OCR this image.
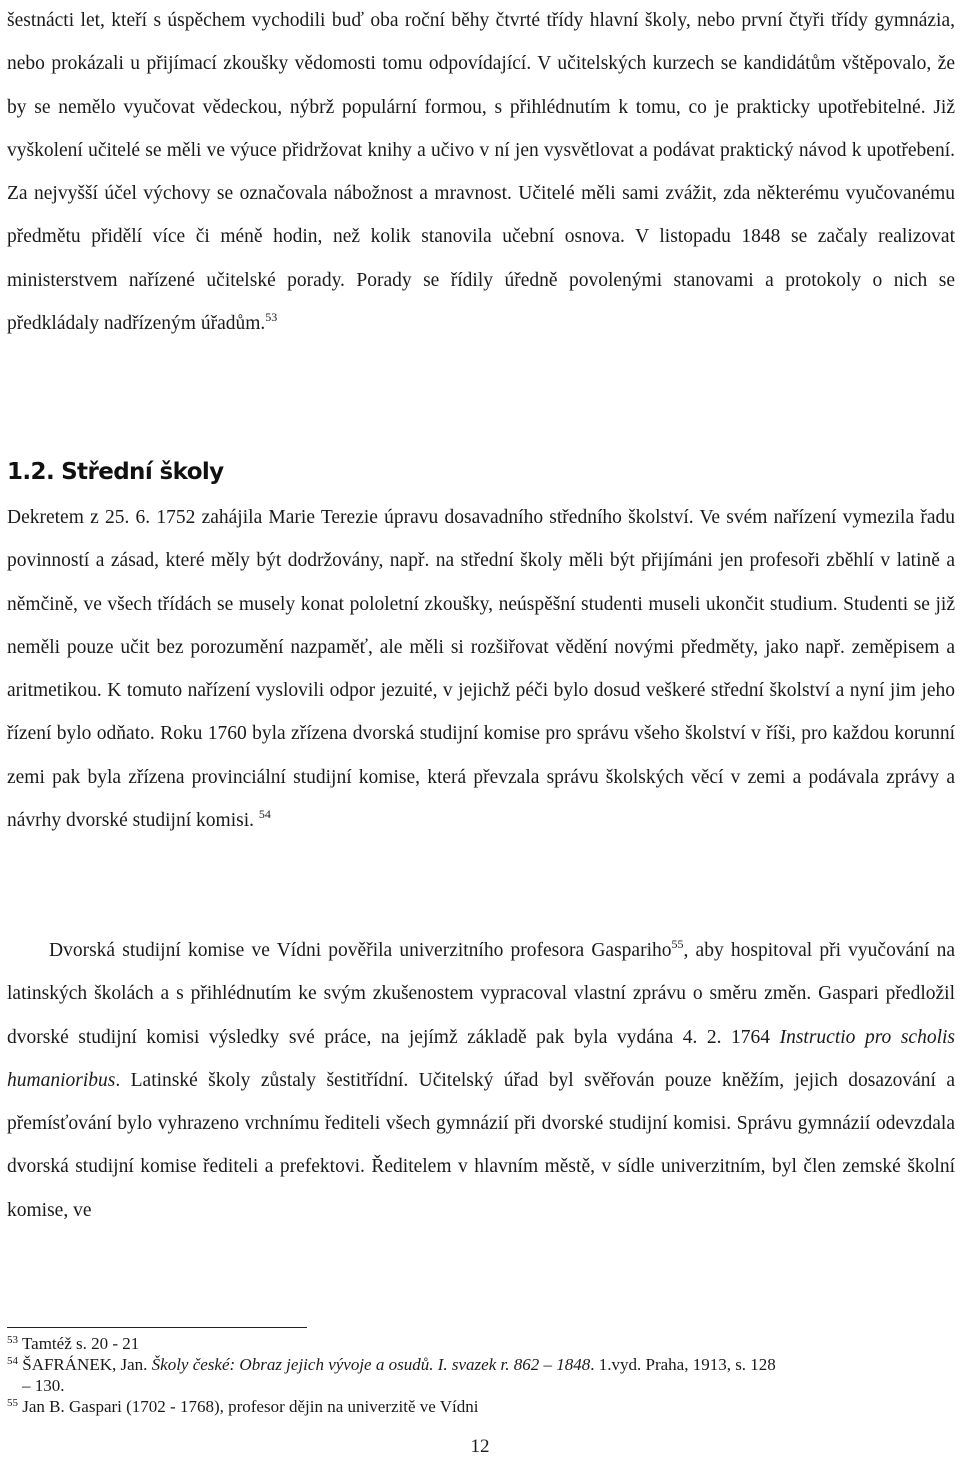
šestnácti let, kteří s úspěchem vychodili buď oba roční běhy čtvrté třídy hlavní školy, nebo první čtyři třídy gymnázia, nebo prokázali u přijímací zkoušky vědomosti tomu odpovídající. V učitelských kurzech se kandidátům vštěpovalo, že by se nemělo vyučovat vědeckou, nýbrž populární formou, s přihlédnutím k tomu, co je prakticky upotřebitelné. Již vyškolení učitelé se měli ve výuce přidržovat knihy a učivo v ní jen vysvětlovat a podávat praktický návod k upotřebení. Za nejvyšší účel výchovy se označovala nábožnost a mravnost. Učitelé měli sami zvážit, zda některému vyučovanému předmětu přidělí více či méně hodin, než kolik stanovila učební osnova. V listopadu 1848 se začaly realizovat ministerstvem nařízené učitelské porady. Porady se řídily úředně povolenými stanovami a protokoly o nich se předkládaly nadřízeným úřadům.$^{53}$

1.2. Střední školy

Dekretem z 25. 6. 1752 zahájila Marie Terezie úpravu dosavadního středního školství. Ve svém nařízení vymezila řadu povinností a zásad, které měly být dodržovány, např. na střední školy měli být přijímáni jen profesoři zběhlí v latině a němčině, ve všech třídách se musely konat pololetní zkoušky, neúspěšní studenti museli ukončit studium. Studenti se již neměli pouze učit bez porozumění nazpaměť, ale měli si rozšiřovat vědění novými předměty, jako např. zeměpisem a aritmetikou. K tomuto nařízení vyslovili odpor jezuité, v jejichž péči bylo dosud veškeré střední školství a nyní jim jeho řízení bylo odňato. Roku 1760 byla zřízena dvorská studijní komise pro správu všeho školství v říši, pro každou korunní zemi pak byla zřízena provinciální studijní komise, která převzala správu školských věcí v zemi a podávala zprávy a návrhy dvorské studijní komisi. $^{54}$

Dvorská studijní komise ve Vídni pověřila univerzitního profesora Gaspariho$^{55}$, aby hospitoval při vyučování na latinských školách a s přihlédnutím ke svým zkušenostem vypracoval vlastní zprávu o směru změn. Gaspari předložil dvorské studijní komisi výsledky své práce, na jejímž základě pak byla vydána 4. 2. 1764 Instructio pro scholis humanioribus. Latinské školy zůstaly šestitřídní. Učitelský úřad byl svěřován pouze kněžím, jejich dosazování a přemísťování bylo vyhrazeno vrchnímu řediteli všech gymnázií při dvorské studijní komisi. Správu gymnázií odevzdala dvorská studijní komise řediteli a prefektovi. Ředitelem v hlavním městě, v sídle univerzitním, byl člen zemské školní komise, ve

$^{53}$ Tamtéž s. 20 - 21

$^{54}$ ŠAFRÁNEK, Jan. Školy české: Obraz jejich vývoje a osudů. I. svazek r. 862 – 1848. 1.vyd. Praha, 1913, s. 128
– 130.

$^{55}$ Jan B. Gaspari (1702 - 1768), profesor dějin na univerzitě ve Vídni

12
